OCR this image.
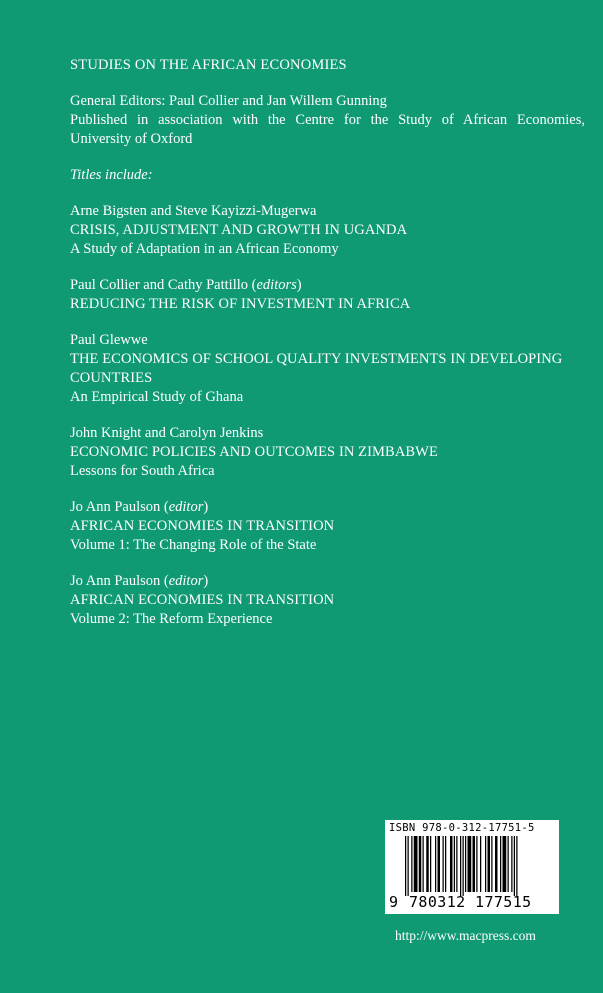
STUDIES ON THE AFRICAN ECONOMIES
General Editors: Paul Collier and Jan Willem Gunning
Published in association with the Centre for the Study of African Economies,
University of Oxford
Titles include:
Arne Bigsten and Steve Kayizzi-Mugerwa
CRISIS, ADJUSTMENT AND GROWTH IN UGANDA
A Study of Adaptation in an African Economy
Paul Collier and Cathy Pattillo (editors)
REDUCING THE RISK OF INVESTMENT IN AFRICA
Paul Glewwe
THE ECONOMICS OF SCHOOL QUALITY INVESTMENTS IN DEVELOPING
COUNTRIES
An Empirical Study of Ghana
John Knight and Carolyn Jenkins
ECONOMIC POLICIES AND OUTCOMES IN ZIMBABWE
Lessons for South Africa
Jo Ann Paulson (editor)
AFRICAN ECONOMIES IN TRANSITION
Volume 1: The Changing Role of the State
Jo Ann Paulson (editor)
AFRICAN ECONOMIES IN TRANSITION
Volume 2: The Reform Experience
ISBN 978-0-312-17751-5
9 780312 177515
http://www.macpress.com
